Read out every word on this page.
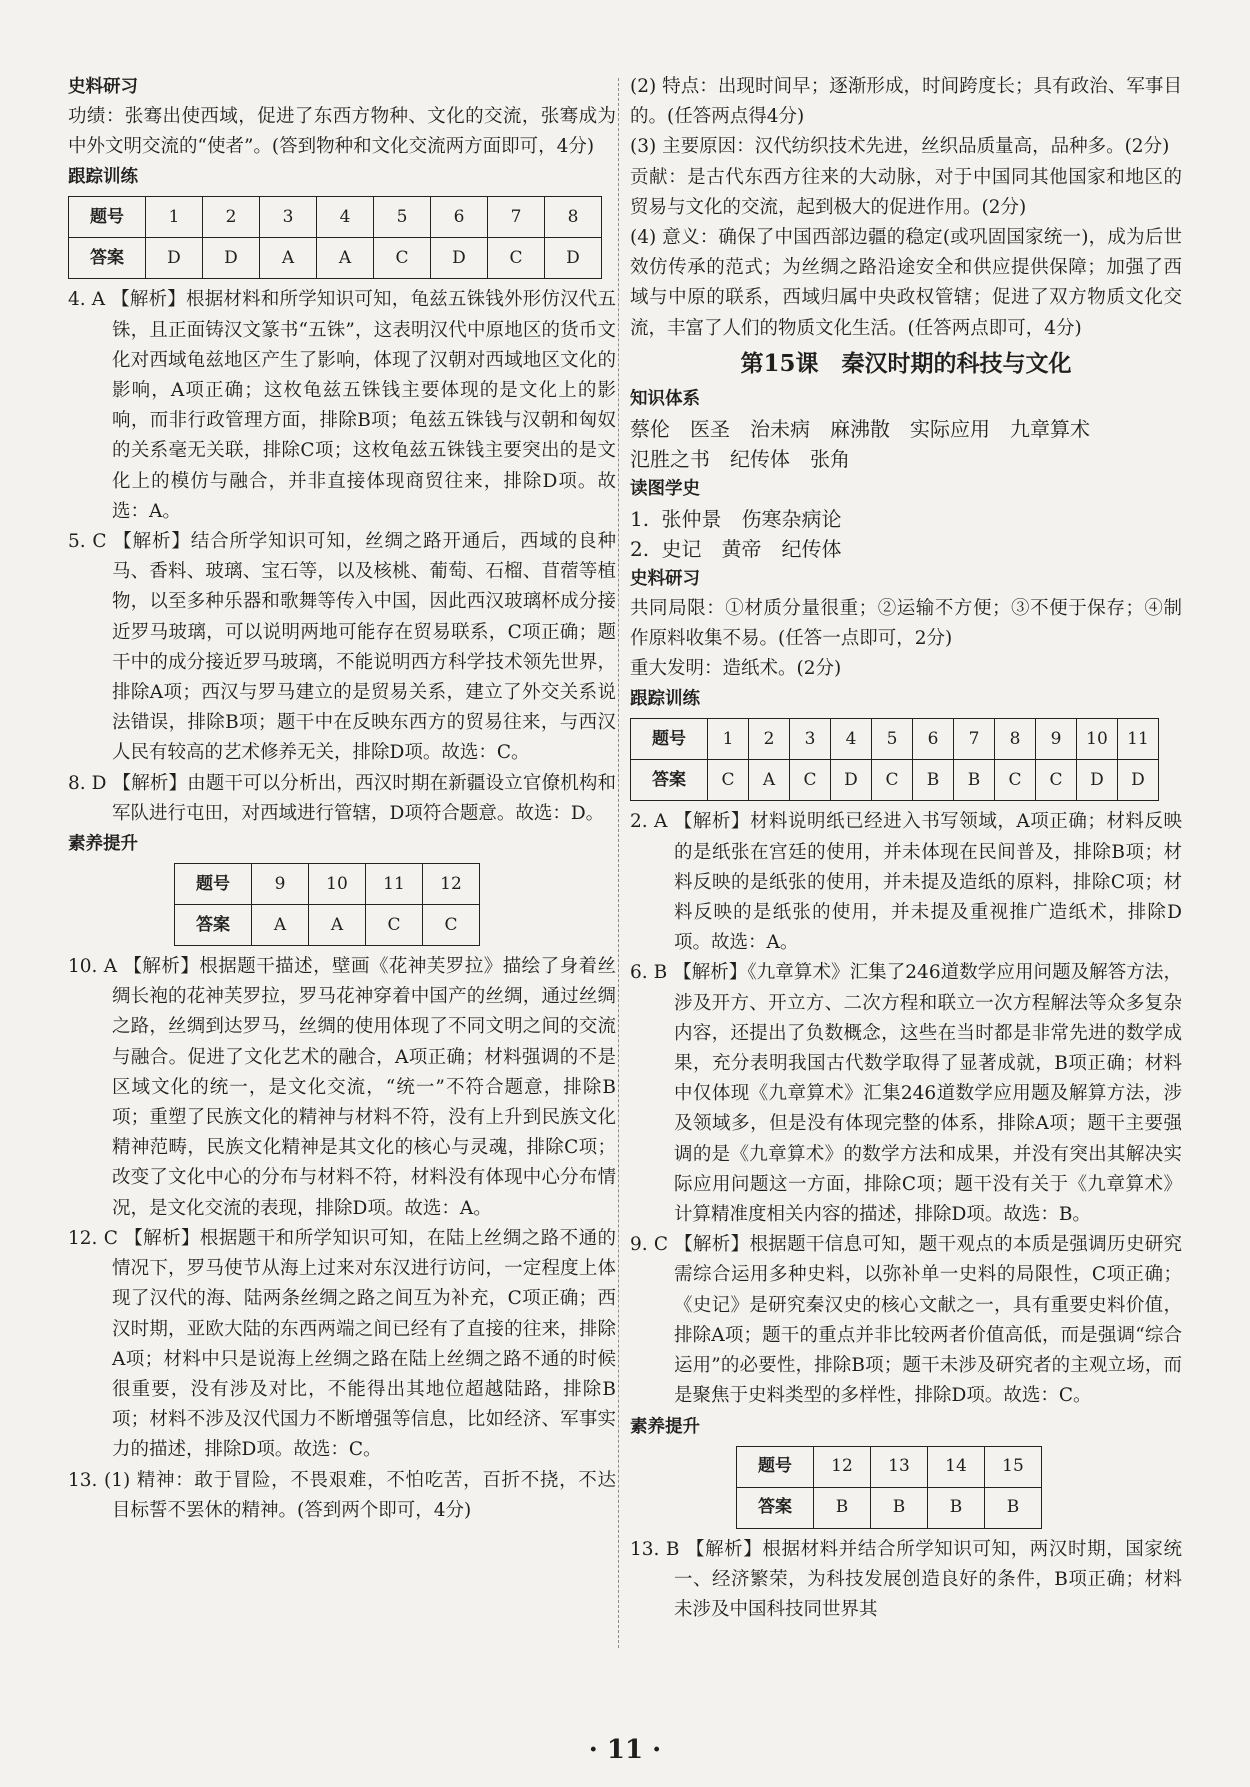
史料研习

功绩：张骞出使西域，促进了东西方物种、文化的交流，张骞成为中外文明交流的“使者”。(答到物种和文化交流两方面即可，4分)

跟踪训练
题号	1	2	3	4	5	6	7	8
答案	D	D	A	A	C	D	C	D

4. A 【解析】根据材料和所学知识可知，龟兹五铢钱外形仿汉代五铢，且正面铸汉文篆书“五铢”，这表明汉代中原地区的货币文化对西域龟兹地区产生了影响，体现了汉朝对西域地区文化的影响，A项正确；这枚龟兹五铢钱主要体现的是文化上的影响，而非行政管理方面，排除B项；龟兹五铢钱与汉朝和匈奴的关系毫无关联，排除C项；这枚龟兹五铢钱主要突出的是文化上的模仿与融合，并非直接体现商贸往来，排除D项。故选：A。

5. C 【解析】结合所学知识可知，丝绸之路开通后，西域的良种马、香料、玻璃、宝石等，以及核桃、葡萄、石榴、苜蓿等植物，以至多种乐器和歌舞等传入中国，因此西汉玻璃杯成分接近罗马玻璃，可以说明两地可能存在贸易联系，C项正确；题干中的成分接近罗马玻璃，不能说明西方科学技术领先世界，排除A项；西汉与罗马建立的是贸易关系，建立了外交关系说法错误，排除B项；题干中在反映东西方的贸易往来，与西汉人民有较高的艺术修养无关，排除D项。故选：C。

8. D 【解析】由题干可以分析出，西汉时期在新疆设立官僚机构和军队进行屯田，对西域进行管辖，D项符合题意。故选：D。

素养提升
题号	9	10	11	12
答案	A	A	C	C

10. A 【解析】根据题干描述，壁画《花神芙罗拉》描绘了身着丝绸长袍的花神芙罗拉，罗马花神穿着中国产的丝绸，通过丝绸之路，丝绸到达罗马，丝绸的使用体现了不同文明之间的交流与融合。促进了文化艺术的融合，A项正确；材料强调的不是区域文化的统一，是文化交流，“统一”不符合题意，排除B项；重塑了民族文化的精神与材料不符，没有上升到民族文化精神范畴，民族文化精神是其文化的核心与灵魂，排除C项；改变了文化中心的分布与材料不符，材料没有体现中心分布情况，是文化交流的表现，排除D项。故选：A。

12. C 【解析】根据题干和所学知识可知，在陆上丝绸之路不通的情况下，罗马使节从海上过来对东汉进行访问，一定程度上体现了汉代的海、陆两条丝绸之路之间互为补充，C项正确；西汉时期，亚欧大陆的东西两端之间已经有了直接的往来，排除A项；材料中只是说海上丝绸之路在陆上丝绸之路不通的时候很重要，没有涉及对比，不能得出其地位超越陆路，排除B项；材料不涉及汉代国力不断增强等信息，比如经济、军事实力的描述，排除D项。故选：C。

13. (1) 精神：敢于冒险，不畏艰难，不怕吃苦，百折不挠，不达目标誓不罢休的精神。(答到两个即可，4分)

(2) 特点：出现时间早；逐渐形成，时间跨度长；具有政治、军事目的。(任答两点得4分)

(3) 主要原因：汉代纺织技术先进，丝织品质量高，品种多。(2分)

贡献：是古代东西方往来的大动脉，对于中国同其他国家和地区的贸易与文化的交流，起到极大的促进作用。(2分)

(4) 意义：确保了中国西部边疆的稳定(或巩固国家统一)，成为后世效仿传承的范式；为丝绸之路沿途安全和供应提供保障；加强了西域与中原的联系，西域归属中央政权管辖；促进了双方物质文化交流，丰富了人们的物质文化生活。(任答两点即可，4分)

第15课　秦汉时期的科技与文化
知识体系

蔡伦　医圣　治未病　麻沸散　实际应用　九章算术

氾胜之书　纪传体　张角

读图学史

1. 张仲景　伤寒杂病论

2. 史记　黄帝　纪传体

史料研习

共同局限：①材质分量很重；②运输不方便；③不便于保存；④制作原料收集不易。(任答一点即可，2分)

重大发明：造纸术。(2分)

跟踪训练
题号	1	2	3	4	5	6	7	8	9	10	11
答案	C	A	C	D	C	B	B	C	C	D	D

2. A 【解析】材料说明纸已经进入书写领域，A项正确；材料反映的是纸张在宫廷的使用，并未体现在民间普及，排除B项；材料反映的是纸张的使用，并未提及造纸的原料，排除C项；材料反映的是纸张的使用，并未提及重视推广造纸术，排除D项。故选：A。

6. B 【解析】《九章算术》汇集了246道数学应用问题及解答方法，涉及开方、开立方、二次方程和联立一次方程解法等众多复杂内容，还提出了负数概念，这些在当时都是非常先进的数学成果，充分表明我国古代数学取得了显著成就，B项正确；材料中仅体现《九章算术》汇集246道数学应用题及解算方法，涉及领域多，但是没有体现完整的体系，排除A项；题干主要强调的是《九章算术》的数学方法和成果，并没有突出其解决实际应用问题这一方面，排除C项；题干没有关于《九章算术》计算精准度相关内容的描述，排除D项。故选：B。

9. C 【解析】根据题干信息可知，题干观点的本质是强调历史研究需综合运用多种史料，以弥补单一史料的局限性，C项正确；《史记》是研究秦汉史的核心文献之一，具有重要史料价值，排除A项；题干的重点并非比较两者价值高低，而是强调“综合运用”的必要性，排除B项；题干未涉及研究者的主观立场，而是聚焦于史料类型的多样性，排除D项。故选：C。

素养提升
题号	12	13	14	15
答案	B	B	B	B

13. B 【解析】根据材料并结合所学知识可知，两汉时期，国家统一、经济繁荣，为科技发展创造良好的条件，B项正确；材料未涉及中国科技同世界其

· 11 ·
